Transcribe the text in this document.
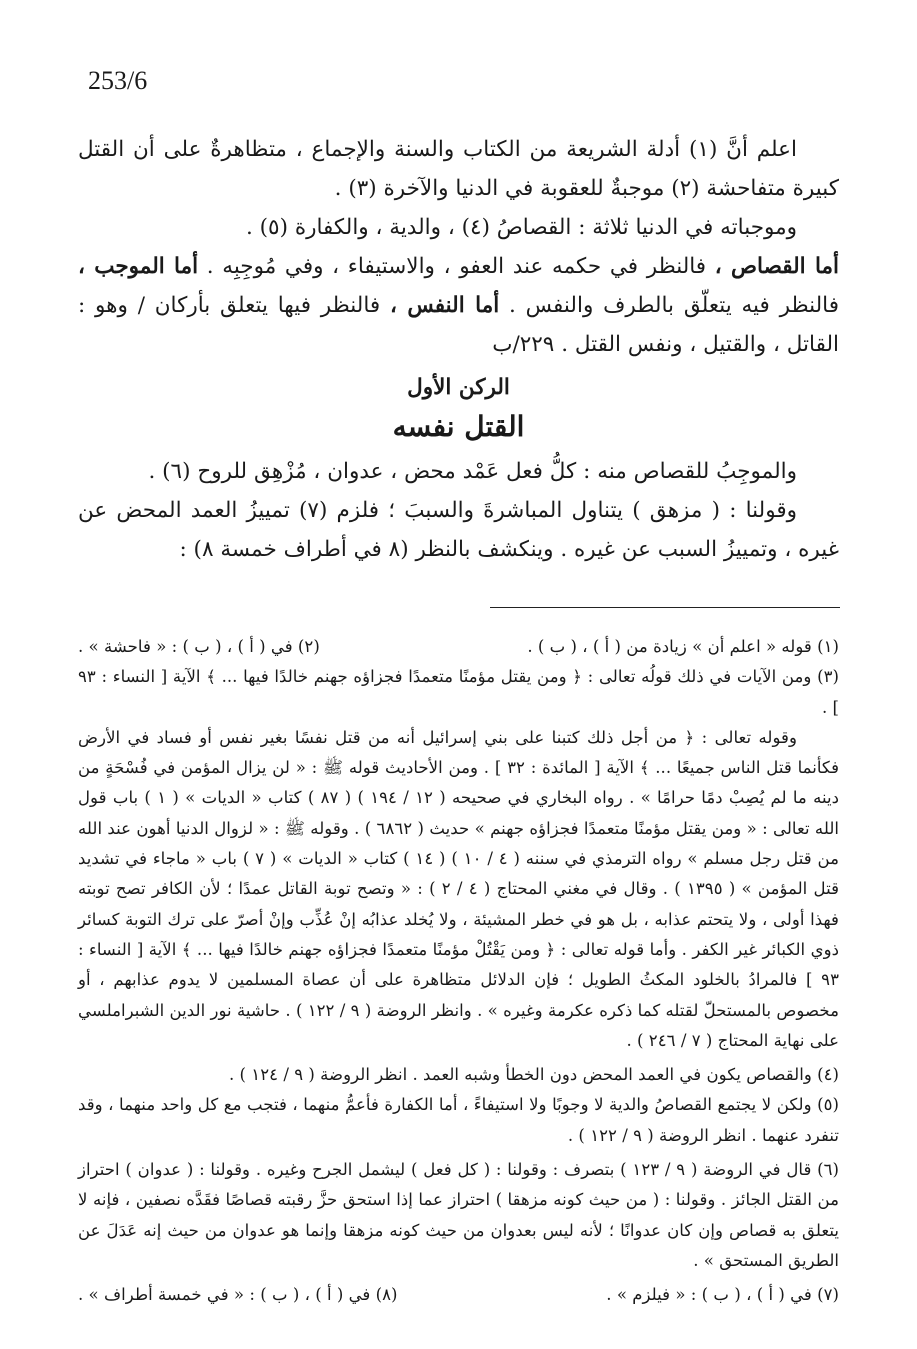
253/6

اعلم أنَّ (١) أدلة الشريعة من الكتاب والسنة والإجماع ، متظاهرةٌ على أن القتل كبيرة متفاحشة (٢) موجبةٌ للعقوبة في الدنيا والآخرة (٣) .

وموجباته في الدنيا ثلاثة : القصاصُ (٤) ، والدية ، والكفارة (٥) .

أما القصاص ، فالنظر في حكمه عند العفو ، والاستيفاء ، وفي مُوجِبِه . أما الموجب ، فالنظر فيه يتعلّق بالطرف والنفس . أما النفس ، فالنظر فيها يتعلق بأركان / وهو : القاتل ، والقتيل ، ونفس القتل . ٢٢٩/ب

الركن الأول

القتل نفسه

والموجِبُ للقصاص منه : كلُّ فعل عَمْد محض ، عدوان ، مُزْهِق للروح (٦) .

وقولنا : ( مزهق ) يتناول المباشرةَ والسببَ ؛ فلزم (٧) تمييزُ العمد المحض عن غيره ، وتمييزُ السبب عن غيره . وينكشف بالنظر (٨ في أطراف خمسة ٨) :

(١) قوله « اعلم أن » زيادة من ( أ ) ، ( ب ) .
(٢) في ( أ ) ، ( ب ) : « فاحشة » .

(٣) ومن الآيات في ذلك قولُه تعالى : ﴿ ومن يقتل مؤمنًا متعمدًا فجزاؤه جهنم خالدًا فيها ... ﴾ الآية [ النساء : ٩٣ ] .

وقوله تعالى : ﴿ من أجل ذلك كتبنا على بني إسرائيل أنه من قتل نفسًا بغير نفس أو فساد في الأرض فكأنما قتل الناس جميعًا ... ﴾ الآية [ المائدة : ٣٢ ] . ومن الأحاديث قوله ﷺ : « لن يزال المؤمن في فُسْحَةٍ من دينه ما لم يُصِبْ دمًا حرامًا » . رواه البخاري في صحيحه ( ١٢ / ١٩٤ ) ( ٨٧ ) كتاب « الديات » ( ١ ) باب قول الله تعالى : « ومن يقتل مؤمنًا متعمدًا فجزاؤه جهنم » حديث ( ٦٨٦٢ ) . وقوله ﷺ : « لزوال الدنيا أهون عند الله من قتل رجل مسلم » رواه الترمذي في سننه ( ٤ / ١٠ ) ( ١٤ ) كتاب « الديات » ( ٧ ) باب « ماجاء في تشديد قتل المؤمن » ( ١٣٩٥ ) . وقال في مغني المحتاج ( ٤ / ٢ ) : « وتصح توبة القاتل عمدًا ؛ لأن الكافر تصح توبته فهذا أولى ، ولا يتحتم عذابه ، بل هو في خطر المشيئة ، ولا يُخلد عذابُه إنْ عُذِّب وإنْ أصرّ على ترك التوبة كسائر ذوي الكبائر غير الكفر . وأما قوله تعالى : ﴿ ومن يَقْتُلْ مؤمنًا متعمدًا فجزاؤه جهنم خالدًا فيها ... ﴾ الآية [ النساء : ٩٣ ] فالمرادُ بالخلود المكثُ الطويل ؛ فإن الدلائل متظاهرة على أن عصاة المسلمين لا يدوم عذابهم ، أو مخصوص بالمستحلّ لقتله كما ذكره عكرمة وغيره » . وانظر الروضة ( ٩ / ١٢٢ ) . حاشية نور الدين الشبراملسي على نهاية المحتاج ( ٧ / ٢٤٦ ) .

(٤) والقصاص يكون في العمد المحض دون الخطأ وشبه العمد . انظر الروضة ( ٩ / ١٢٤ ) .

(٥) ولكن لا يجتمع القصاصُ والدية لا وجوبًا ولا استيفاءً ، أما الكفارة فأعمُّ منهما ، فتجب مع كل واحد منهما ، وقد تنفرد عنهما . انظر الروضة ( ٩ / ١٢٢ ) .

(٦) قال في الروضة ( ٩ / ١٢٣ ) بتصرف : وقولنا : ( كل فعل ) ليشمل الجرح وغيره . وقولنا : ( عدوان ) احتراز من القتل الجائز . وقولنا : ( من حيث كونه مزهقا ) احتراز عما إذا استحق حزَّ رقبته قصاصًا فقَدَّه نصفين ، فإنه لا يتعلق به قصاص وإن كان عدوانًا ؛ لأنه ليس بعدوان من حيث كونه مزهقا وإنما هو عدوان من حيث إنه عَدَلَ عن الطريق المستحق » .

(٧) في ( أ ) ، ( ب ) : « فيلزم » .
(٨) في ( أ ) ، ( ب ) : « في خمسة أطراف » .
